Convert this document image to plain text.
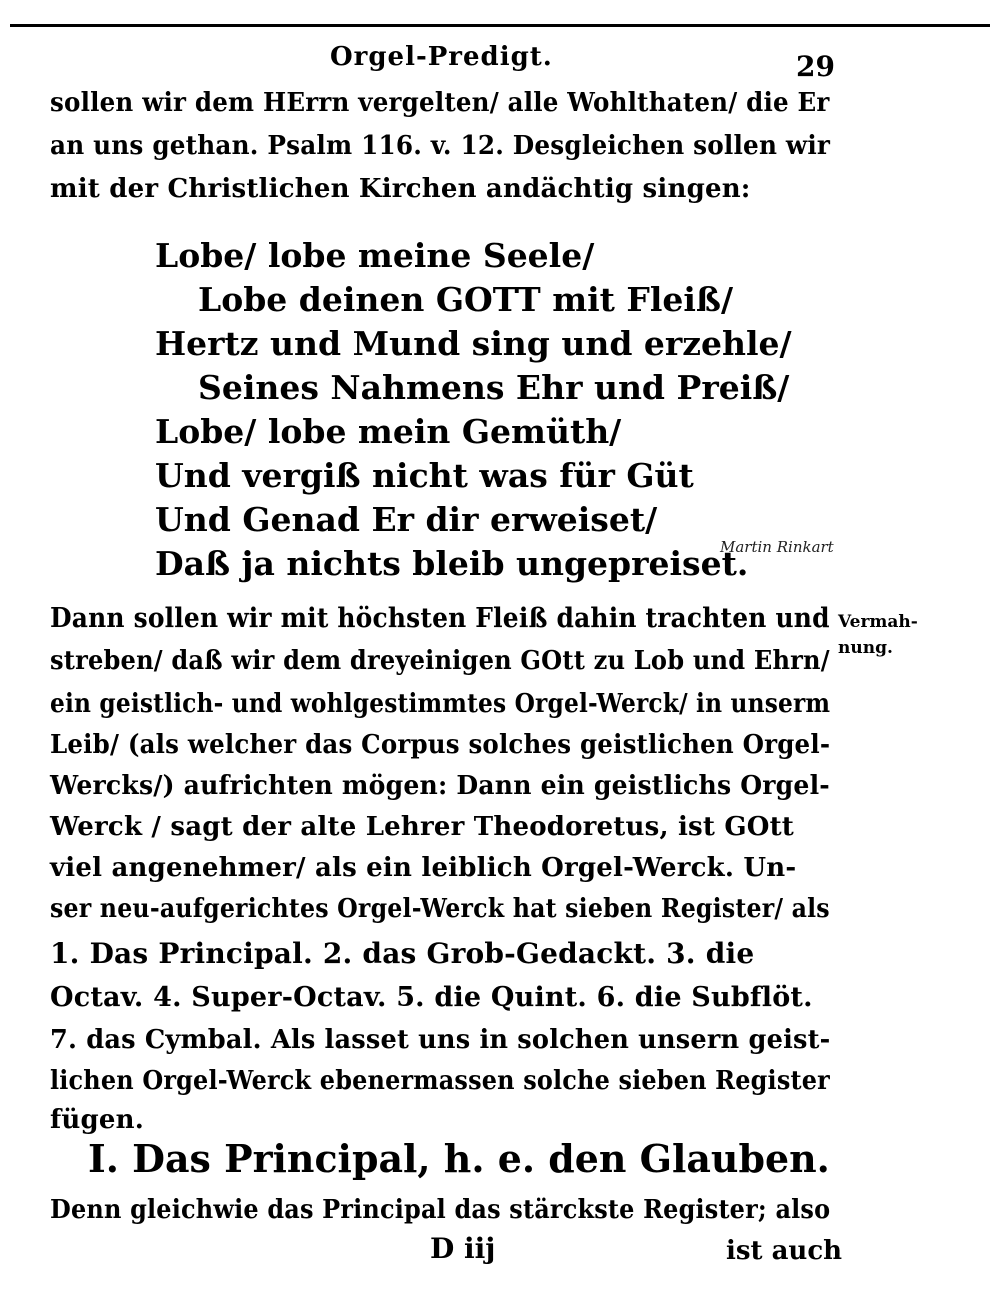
Orgel-Predigt.	29
sollen wir dem HErrn vergelten/ alle Wohlthaten/ die Er
an uns gethan. Psalm 116. v. 12. Desgleichen sollen wir
mit der Christlichen Kirchen andächtig singen:
Lobe/ lobe meine Seele/
Lobe deinen GOTT mit Fleiß/
Hertz und Mund sing und erzehle/
Seines Nahmens Ehr und Preiß/
Lobe/ lobe mein Gemüth/
Und vergiß nicht was für Güt
Und Genad Er dir erweiset/
Daß ja nichts bleib ungepreiset.
Martin Rinkart
Dann sollen wir mit höchsten Fleiß dahin trachten und
streben/ daß wir dem dreyeinigen GOtt zu Lob und Ehrn/
ein geistlich- und wohlgestimmtes Orgel-Werck/ in unserm
Leib/ (als welcher das Corpus solches geistlichen Orgel-
Wercks/) aufrichten mögen: Dann ein geistlichs Orgel-
Werck / sagt der alte Lehrer Theodoretus, ist GOtt
viel angenehmer/ als ein leiblich Orgel-Werck. Un-
ser neu-aufgerichtes Orgel-Werck hat sieben Register/ als
1. Das Principal. 2. das Grob-Gedackt. 3. die
Octav. 4. Super-Octav. 5. die Quint. 6. die Subflöt.
7. das Cymbal. Als lasset uns in solchen unsern geist-
lichen Orgel-Werck ebenermassen solche sieben Register
fügen.
Vermah-
nung.
I. Das Principal, h. e. den Glauben.
Denn gleichwie das Principal das stärckste Register; also
D iij	ist auch
